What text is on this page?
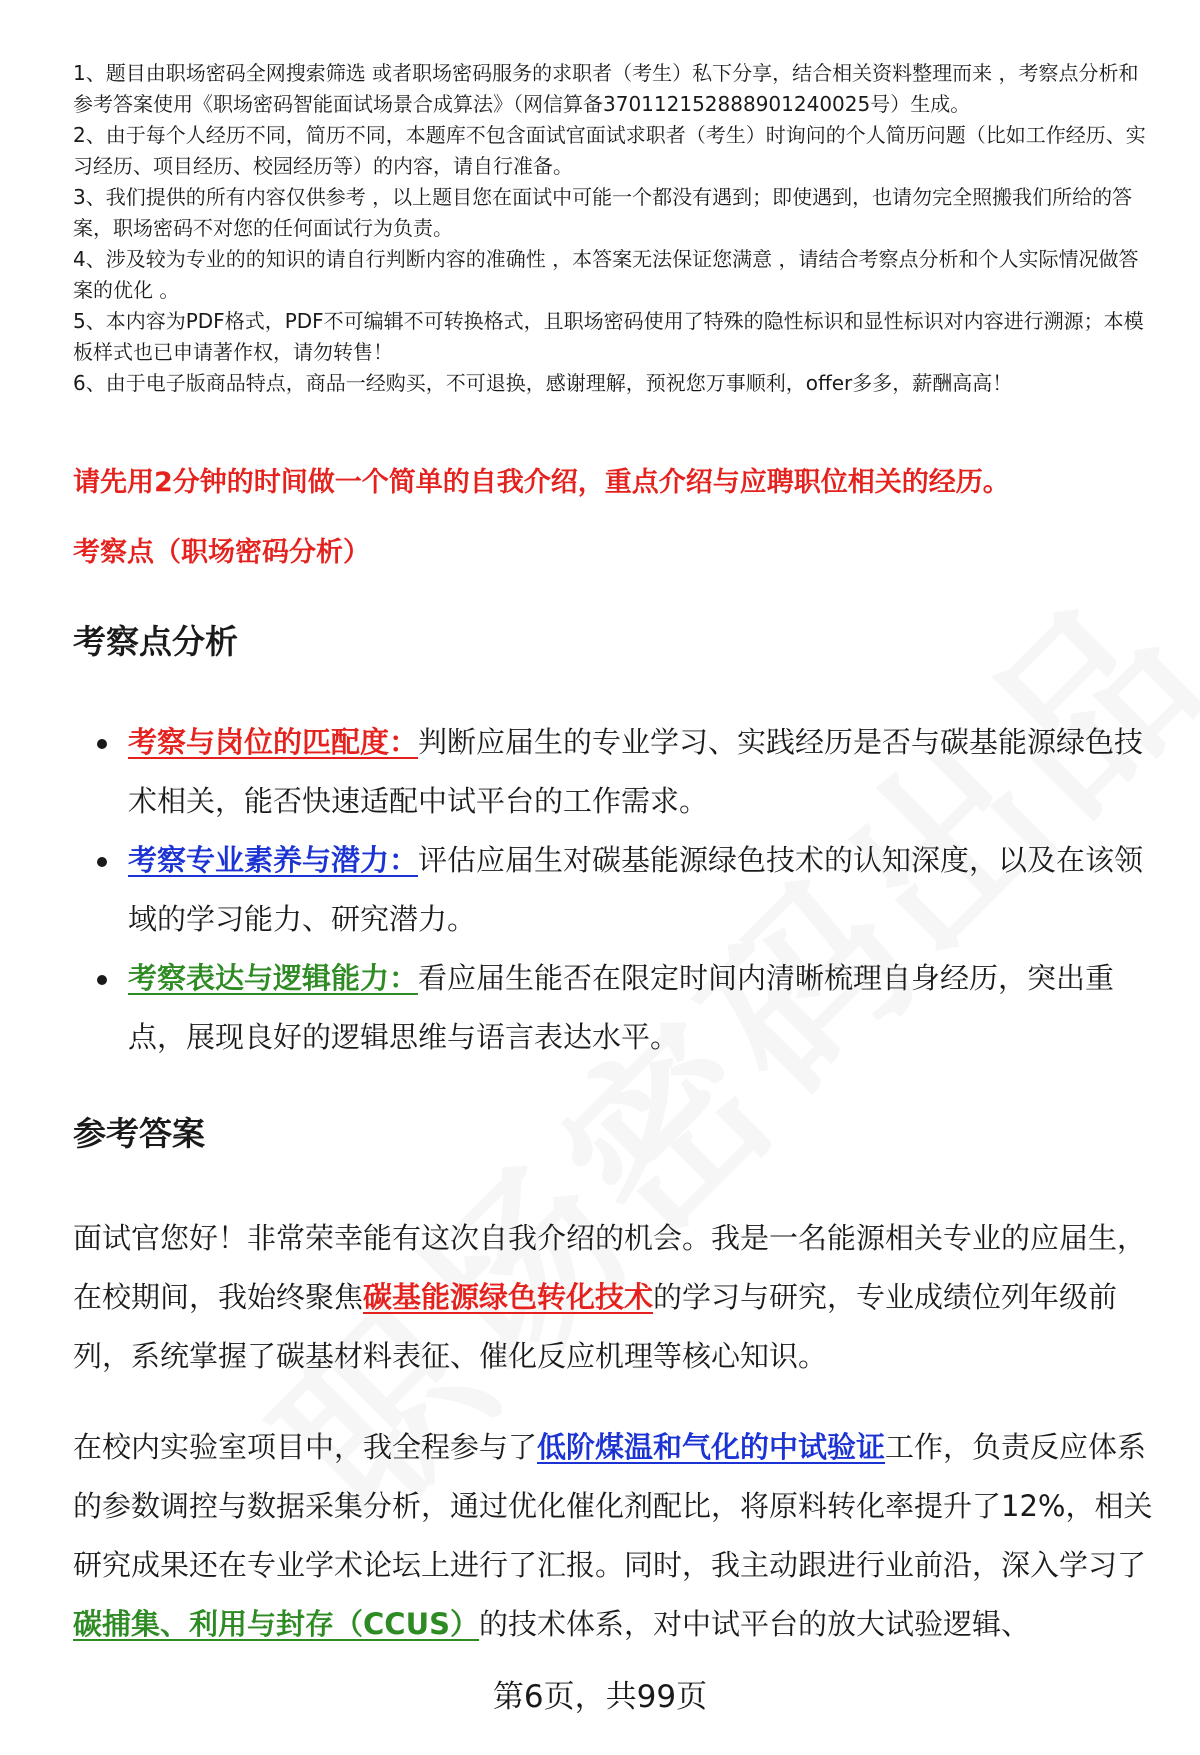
1、题目由职场密码全网搜索筛选 或者职场密码服务的求职者（考生）私下分享，结合相关资料整理而来 ，考察点分析和参考答案使用《职场密码智能面试场景合成算法》（网信算备370112152888901240025号）生成。

2、由于每个人经历不同，简历不同，本题库不包含面试官面试求职者（考生）时询问的个人简历问题（比如工作经历、实习经历、项目经历、校园经历等）的内容，请自行准备。

3、我们提供的所有内容仅供参考 ，以上题目您在面试中可能一个都没有遇到；即使遇到，也请勿完全照搬我们所给的答案，职场密码不对您的任何面试行为负责。

4、涉及较为专业的的知识的请自行判断内容的准确性 ，本答案无法保证您满意 ，请结合考察点分析和个人实际情况做答案的优化 。

5、本内容为PDF格式，PDF不可编辑不可转换格式，且职场密码使用了特殊的隐性标识和显性标识对内容进行溯源；本模板样式也已申请著作权，请勿转售！

6、由于电子版商品特点，商品一经购买，不可退换，感谢理解，预祝您万事顺利，offer多多，薪酬高高！

请先用2分钟的时间做一个简单的自我介绍，重点介绍与应聘职位相关的经历。
考察点（职场密码分析）
考察点分析
考察与岗位的匹配度：判断应届生的专业学习、实践经历是否与碳基能源绿色技术相关，能否快速适配中试平台的工作需求。
考察专业素养与潜力：评估应届生对碳基能源绿色技术的认知深度，以及在该领域的学习能力、研究潜力。
考察表达与逻辑能力：看应届生能否在限定时间内清晰梳理自身经历，突出重点，展现良好的逻辑思维与语言表达水平。
参考答案

面试官您好！非常荣幸能有这次自我介绍的机会。我是一名能源相关专业的应届生，在校期间，我始终聚焦碳基能源绿色转化技术的学习与研究，专业成绩位列年级前列，系统掌握了碳基材料表征、催化反应机理等核心知识。

在校内实验室项目中，我全程参与了低阶煤温和气化的中试验证工作，负责反应体系的参数调控与数据采集分析，通过优化催化剂配比，将原料转化率提升了12%，相关研究成果还在专业学术论坛上进行了汇报。同时，我主动跟进行业前沿，深入学习了碳捕集、利用与封存（CCUS）的技术体系，对中试平台的放大试验逻辑、

第6页，共99页
